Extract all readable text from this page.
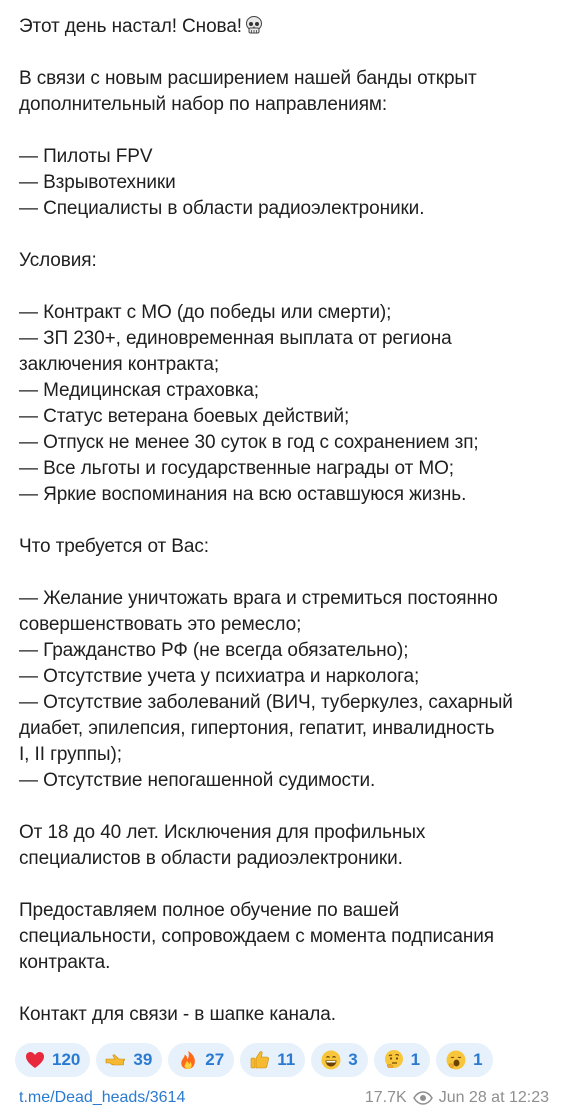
Этот день настал! Снова!
В связи с новым расширением нашей банды открыт
дополнительный набор по направлениям:
— Пилоты FPV
— Взрывотехники
— Специалисты в области радиоэлектроники.
Условия:
— Контракт с МО (до победы или смерти);
— ЗП 230+, единовременная выплата от региона
заключения контракта;
— Медицинская страховка;
— Статус ветерана боевых действий;
— Отпуск не менее 30 суток в год с сохранением зп;
— Все льготы и государственные награды от МО;
— Яркие воспоминания на всю оставшуюся жизнь.
Что требуется от Вас:
— Желание уничтожать врага и стремиться постоянно
совершенствовать это ремесло;
— Гражданство РФ (не всегда обязательно);
— Отсутствие учета у психиатра и нарколога;
— Отсутствие заболеваний (ВИЧ, туберкулез, сахарный
диабет, эпилепсия, гипертония, гепатит, инвалидность
I, II группы);
— Отсутствие непогашенной судимости.
От 18 до 40 лет. Исключения для профильных
специалистов в области радиоэлектроники.
Предоставляем полное обучение по вашей
специальности, сопровождаем с момента подписания
контракта.
Контакт для связи - в шапке канала.
120	39	27	11	3	1	1
t.me/Dead_heads/3614	17.7K Jun 28 at 12:23
